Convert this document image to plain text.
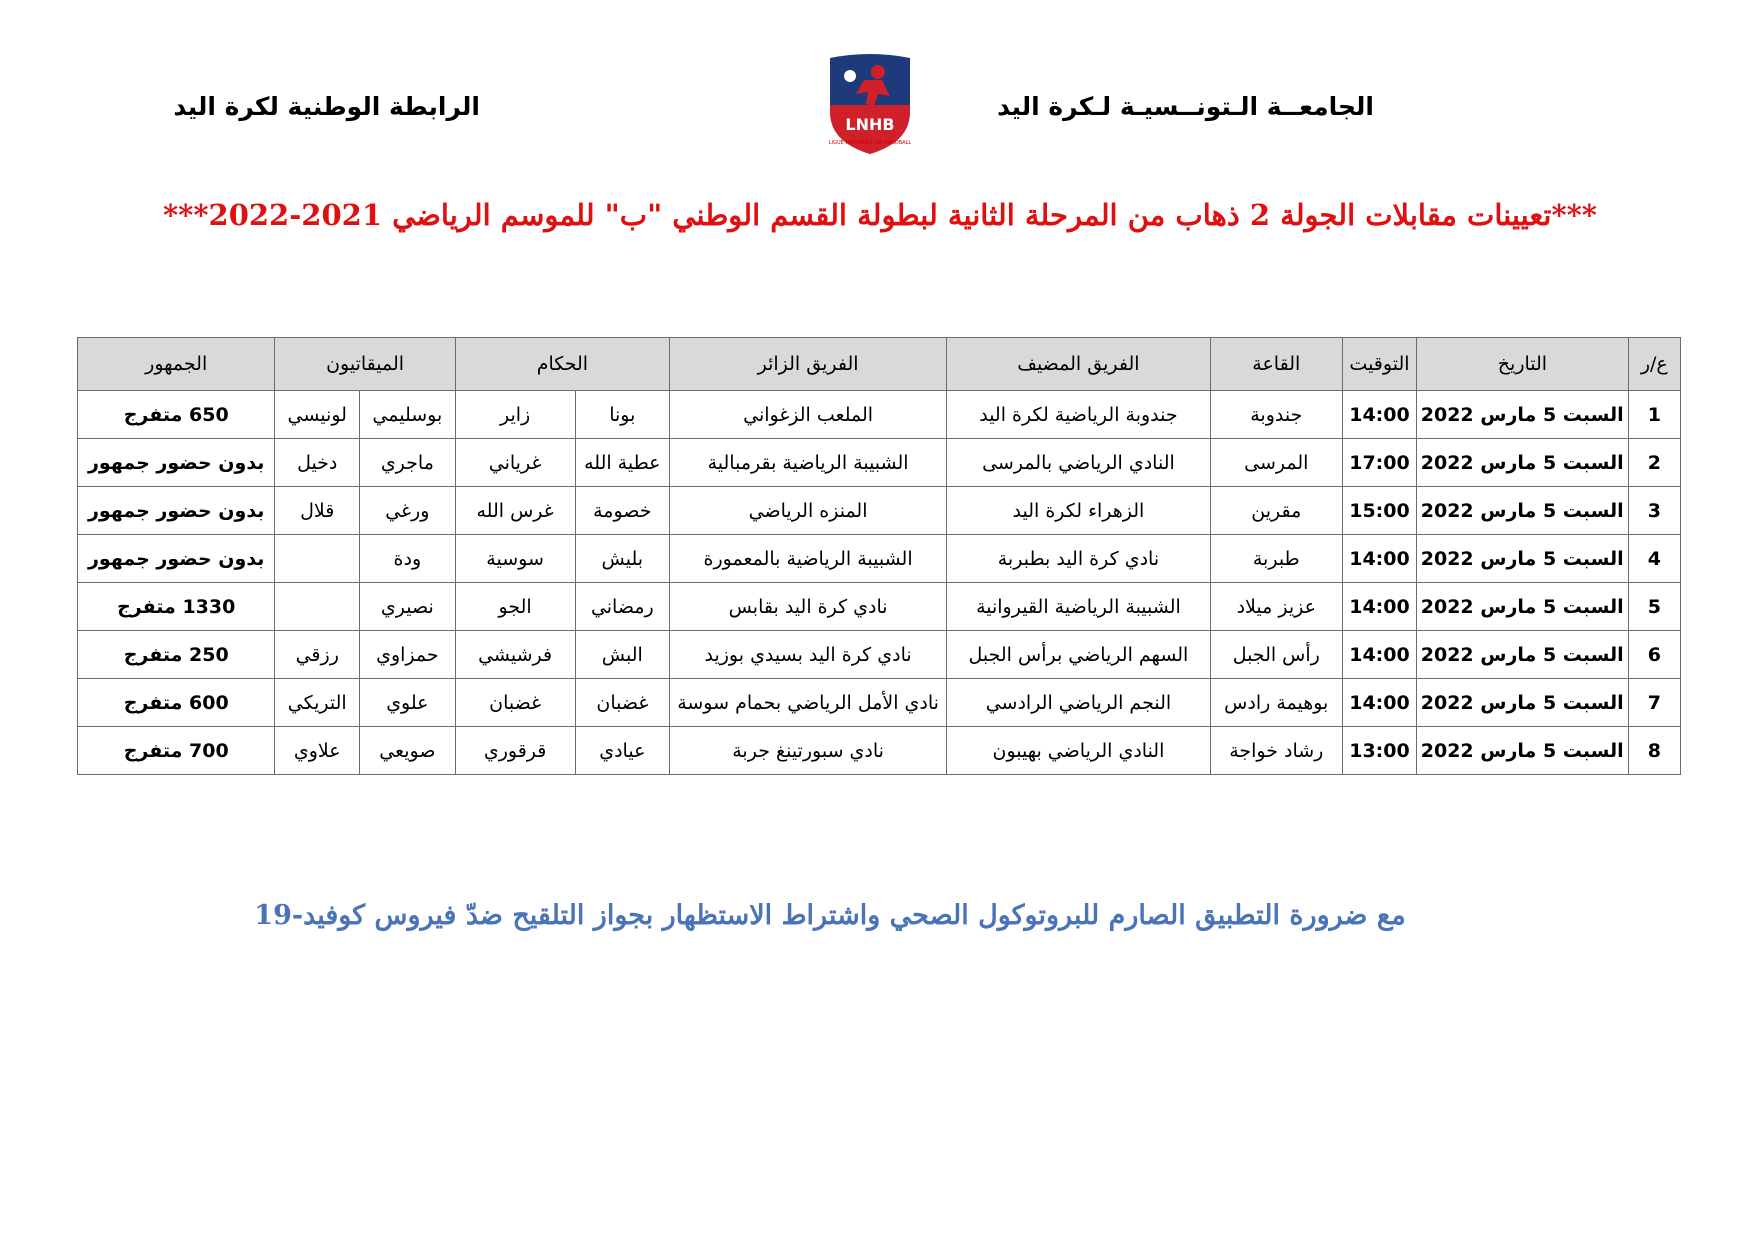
الجامعــة الـتونــسيـة لـكرة اليد
LNHB
LIGUE NATIONALE DE HANDBALL
الرابطة الوطنية لكرة اليد
***تعيينات مقابلات الجولة 2 ذهاب من المرحلة الثانية لبطولة القسم الوطني "ب" للموسم الرياضي 2021-2022***
ع/ر	التاريخ	التوقيت	القاعة	الفريق المضيف	الفريق الزائر	الحكام		الميقاتيون		الجمهور
1	السبت 5 مارس 2022	14:00	جندوبة	جندوبة الرياضية لكرة اليد	الملعب الزغواني	بونا	زاير	بوسليمي	لونيسي	650 متفرج
2	السبت 5 مارس 2022	17:00	المرسى	النادي الرياضي بالمرسى	الشبيبة الرياضية بقرمبالية	عطية الله	غرياني	ماجري	دخيل	بدون حضور جمهور
3	السبت 5 مارس 2022	15:00	مقرين	الزهراء لكرة اليد	المنزه الرياضي	خصومة	غرس الله	ورغي	قلال	بدون حضور جمهور
4	السبت 5 مارس 2022	14:00	طبربة	نادي كرة اليد بطبربة	الشبيبة الرياضية بالمعمورة	بليش	سوسية	ودة		بدون حضور جمهور
5	السبت 5 مارس 2022	14:00	عزيز ميلاد	الشبيبة الرياضية القيروانية	نادي كرة اليد بقابس	رمضاني	الجو	نصيري		1330 متفرج
6	السبت 5 مارس 2022	14:00	رأس الجبل	السهم الرياضي برأس الجبل	نادي كرة اليد بسيدي بوزيد	البش	فرشيشي	حمزاوي	رزقي	250 متفرج
7	السبت 5 مارس 2022	14:00	بوهيمة رادس	النجم الرياضي الرادسي	نادي الأمل الرياضي بحمام سوسة	غضبان	غضبان	علوي	التريكي	600 متفرج
8	السبت 5 مارس 2022	13:00	رشاد خواجة	النادي الرياضي بهيبون	نادي سبورتينغ جربة	عيادي	قرقوري	صويعي	علاوي	700 متفرج
مع ضرورة التطبيق الصارم للبروتوكول الصحي واشتراط الاستظهار بجواز التلقيح ضدّ فيروس كوفيد-19
